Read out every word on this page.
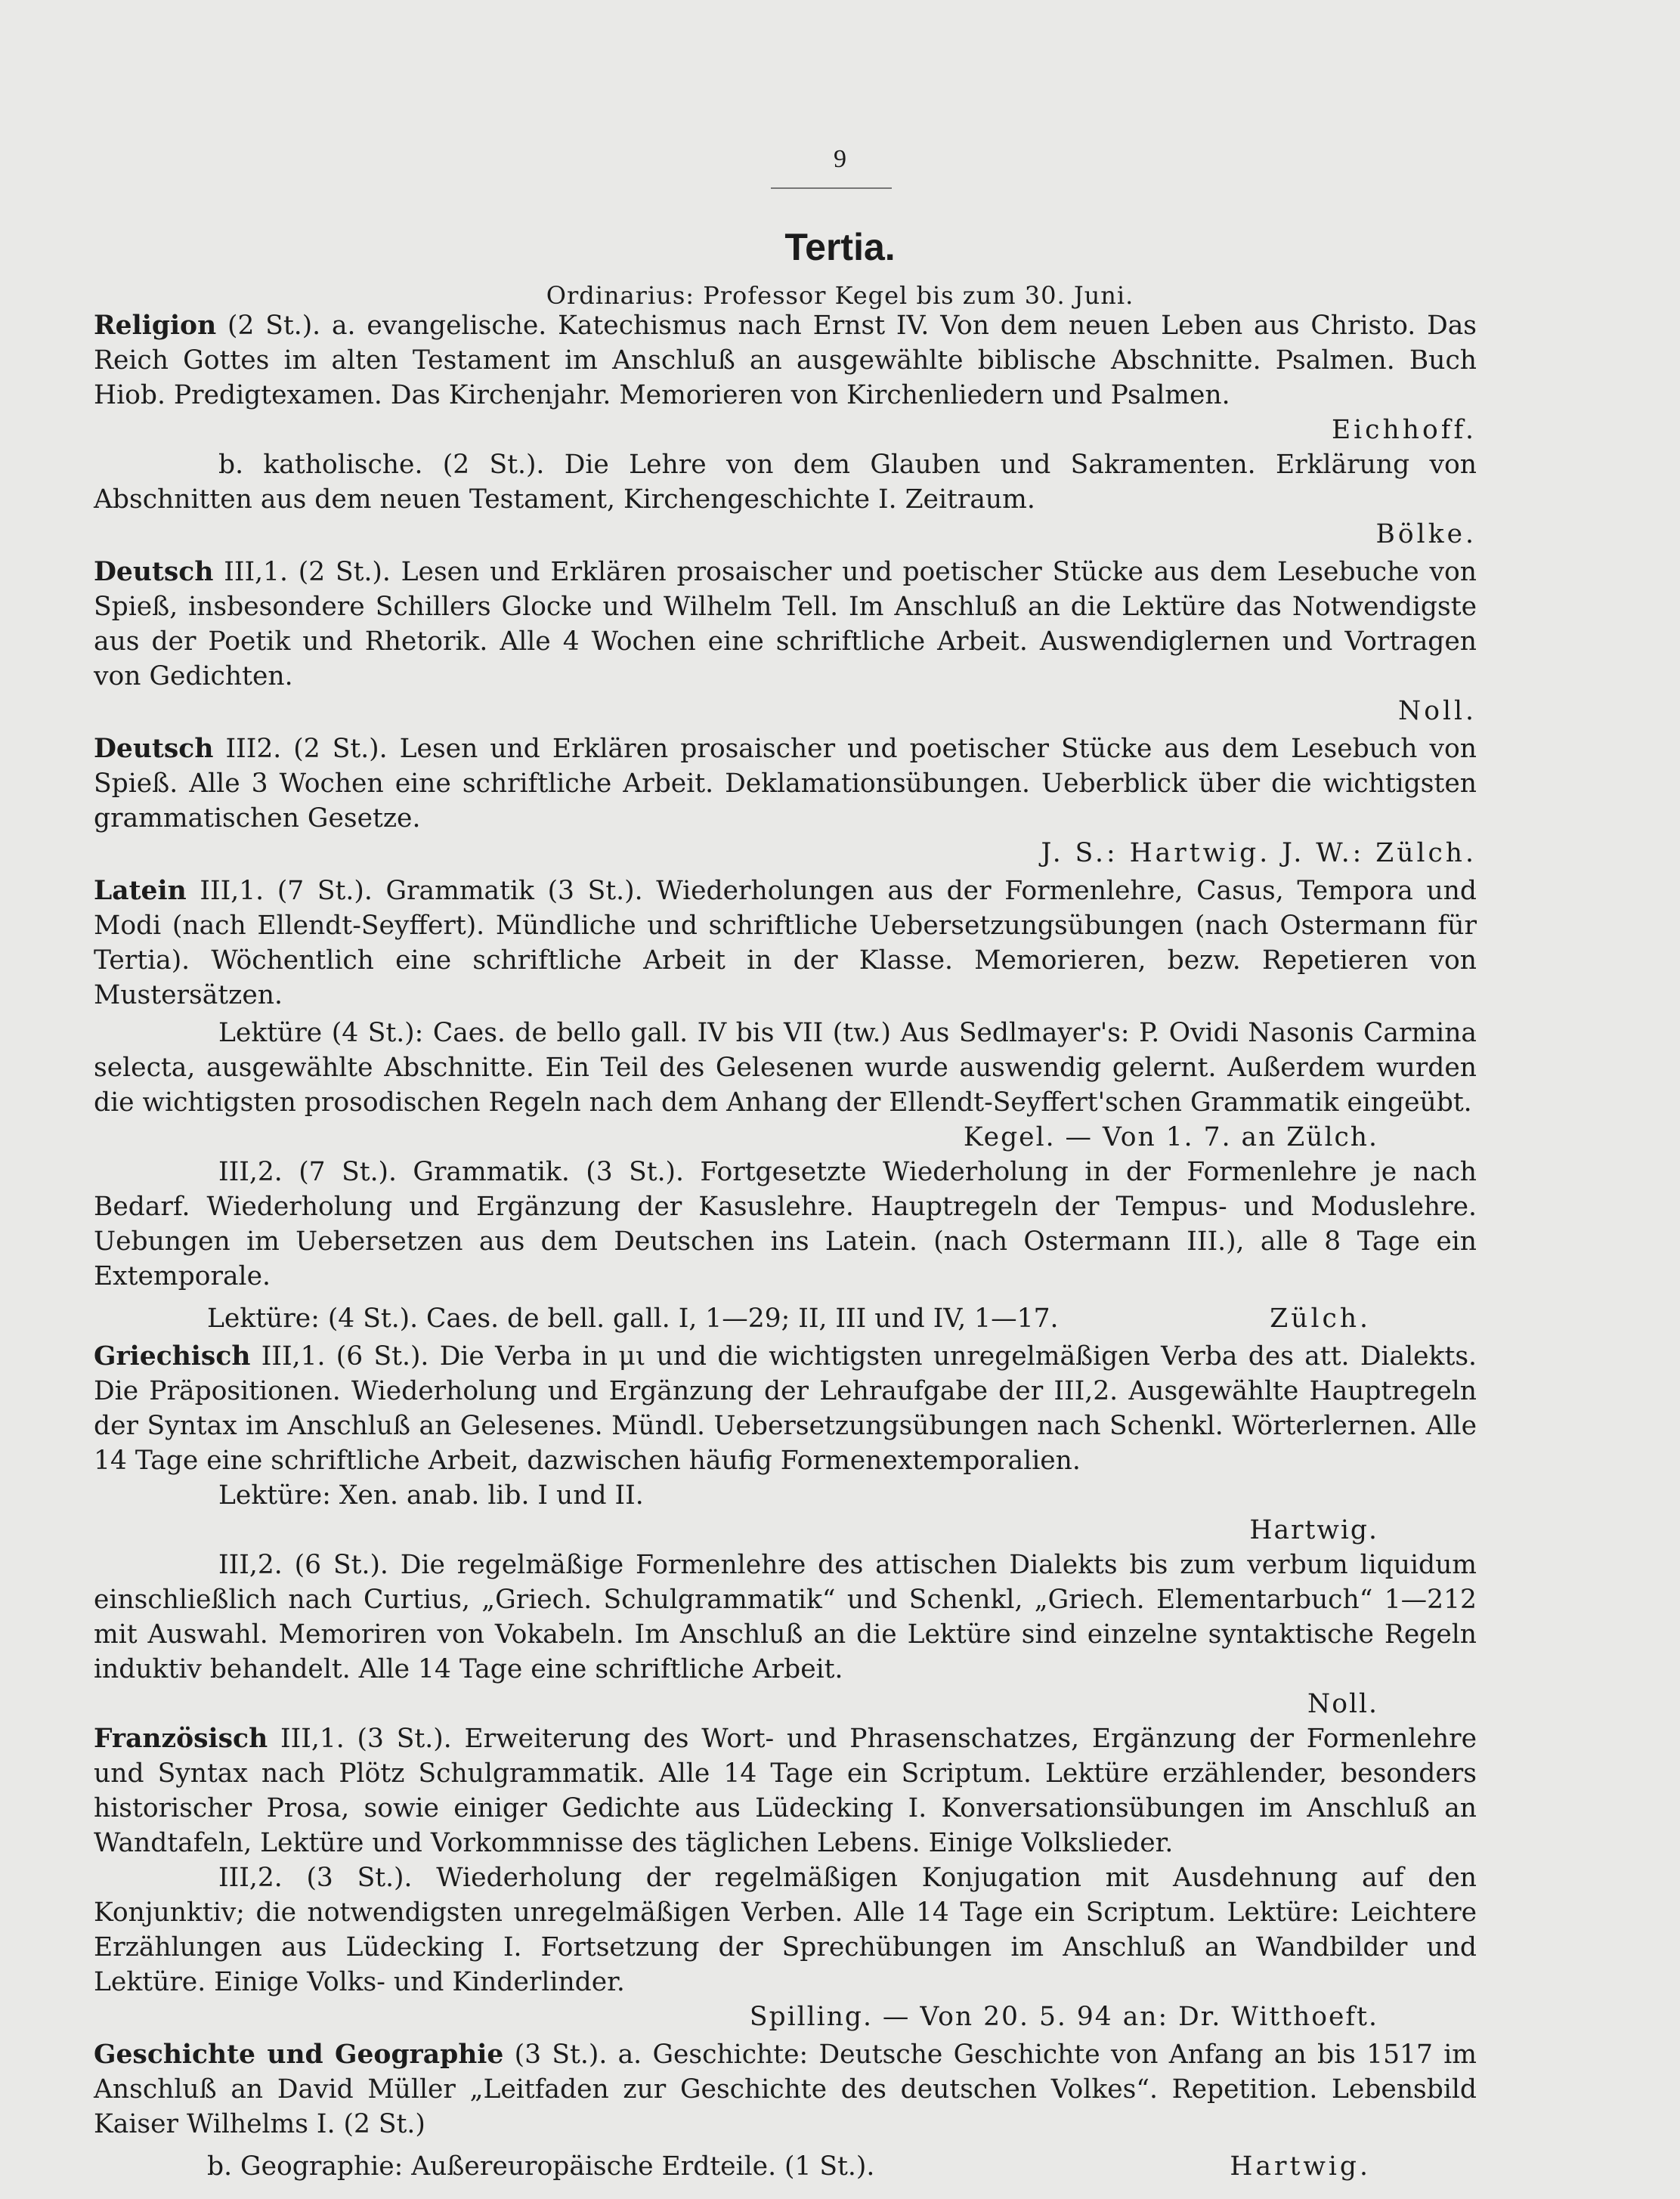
9
Tertia.
Ordinarius: Professor Kegel bis zum 30. Juni.

Religion (2 St.). a. evangelische. Katechismus nach Ernst IV. Von dem neuen Leben aus Christo. Das Reich Gottes im alten Testament im Anschluß an ausgewählte biblische Abschnitte. Psalmen. Buch Hiob. Predigtexamen. Das Kirchenjahr. Memorieren von Kirchenliedern und Psalmen.

Eichhoff.

b. katholische. (2 St.). Die Lehre von dem Glauben und Sakramenten. Erklärung von Abschnitten aus dem neuen Testament, Kirchengeschichte I. Zeitraum.

Bölke.

Deutsch III,1. (2 St.). Lesen und Erklären prosaischer und poetischer Stücke aus dem Lesebuche von Spieß, insbesondere Schillers Glocke und Wilhelm Tell. Im Anschluß an die Lektüre das Notwendigste aus der Poetik und Rhetorik. Alle 4 Wochen eine schriftliche Arbeit. Auswendiglernen und Vortragen von Gedichten.

Noll.

Deutsch III2. (2 St.). Lesen und Erklären prosaischer und poetischer Stücke aus dem Lesebuch von Spieß. Alle 3 Wochen eine schriftliche Arbeit. Deklamationsübungen. Ueberblick über die wichtigsten grammatischen Gesetze.

J. S.: Hartwig. J. W.: Zülch.

Latein III,1. (7 St.). Grammatik (3 St.). Wiederholungen aus der Formenlehre, Casus, Tempora und Modi (nach Ellendt-Seyffert). Mündliche und schriftliche Uebersetzungsübungen (nach Ostermann für Tertia). Wöchentlich eine schriftliche Arbeit in der Klasse. Memorieren, bezw. Repetieren von Mustersätzen.

Lektüre (4 St.): Caes. de bello gall. IV bis VII (tw.) Aus Sedlmayer's: P. Ovidi Nasonis Carmina selecta, ausgewählte Abschnitte. Ein Teil des Gelesenen wurde auswendig gelernt. Außerdem wurden die wichtigsten prosodischen Regeln nach dem Anhang der Ellendt-Seyffert'schen Grammatik eingeübt.

Kegel. — Von 1. 7. an Zülch.

III,2. (7 St.). Grammatik. (3 St.). Fortgesetzte Wiederholung in der Formenlehre je nach Bedarf. Wiederholung und Ergänzung der Kasuslehre. Hauptregeln der Tempus- und Moduslehre. Uebungen im Uebersetzen aus dem Deutschen ins Latein. (nach Ostermann III.), alle 8 Tage ein Extemporale.

Lektüre: (4 St.). Caes. de bell. gall. I, 1—29; II, III und IV, 1—17.	Zülch.

Griechisch III,1. (6 St.). Die Verba in μι und die wichtigsten unregelmäßigen Verba des att. Dialekts. Die Präpositionen. Wiederholung und Ergänzung der Lehraufgabe der III,2. Ausgewählte Hauptregeln der Syntax im Anschluß an Gelesenes. Mündl. Uebersetzungsübungen nach Schenkl. Wörterlernen. Alle 14 Tage eine schriftliche Arbeit, dazwischen häufig Formenextemporalien.

Lektüre: Xen. anab. lib. I und II.

Hartwig.

III,2. (6 St.). Die regelmäßige Formenlehre des attischen Dialekts bis zum verbum liquidum einschließlich nach Curtius, „Griech. Schulgrammatik“ und Schenkl, „Griech. Elementarbuch“ 1—212 mit Auswahl. Memoriren von Vokabeln. Im Anschluß an die Lektüre sind einzelne syntaktische Regeln induktiv behandelt. Alle 14 Tage eine schriftliche Arbeit.

Noll.

Französisch III,1. (3 St.). Erweiterung des Wort- und Phrasenschatzes, Ergänzung der Formenlehre und Syntax nach Plötz Schulgrammatik. Alle 14 Tage ein Scriptum. Lektüre erzählender, besonders historischer Prosa, sowie einiger Gedichte aus Lüdecking I. Konversationsübungen im Anschluß an Wandtafeln, Lektüre und Vorkommnisse des täglichen Lebens. Einige Volkslieder.

III,2. (3 St.). Wiederholung der regelmäßigen Konjugation mit Ausdehnung auf den Konjunktiv; die notwendigsten unregelmäßigen Verben. Alle 14 Tage ein Scriptum. Lektüre: Leichtere Erzählungen aus Lüdecking I. Fortsetzung der Sprechübungen im Anschluß an Wandbilder und Lektüre. Einige Volks- und Kinderlinder.

Spilling. — Von 20. 5. 94 an: Dr. Witthoeft.

Geschichte und Geographie (3 St.). a. Geschichte: Deutsche Geschichte von Anfang an bis 1517 im Anschluß an David Müller „Leitfaden zur Geschichte des deutschen Volkes“. Repetition. Lebensbild Kaiser Wilhelms I. (2 St.)

b. Geographie: Außereuropäische Erdteile. (1 St.).	Hartwig.
